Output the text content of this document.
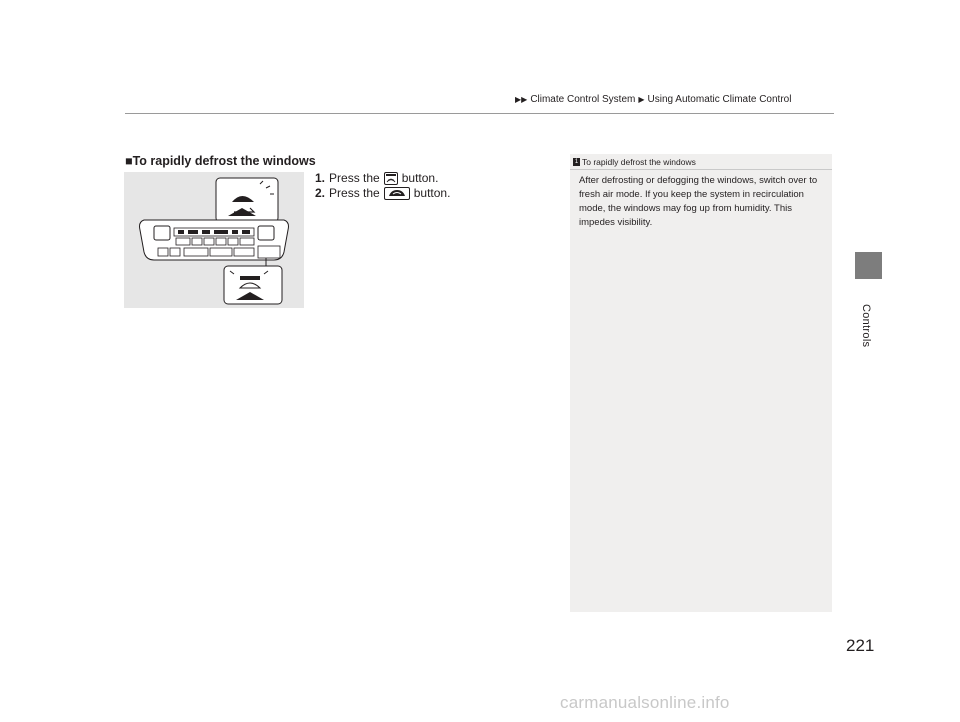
▶▶ Climate Control System ▶ Using Automatic Climate Control
Controls
221
■To rapidly defrost the windows
1. Press the button.
2. Press the	button.
1 To rapidly defrost the windows
After defrosting or defogging the windows, switch over to fresh air mode. If you keep the system in recirculation mode, the windows may fog up from humidity. This impedes visibility.
carmanualsonline.info
